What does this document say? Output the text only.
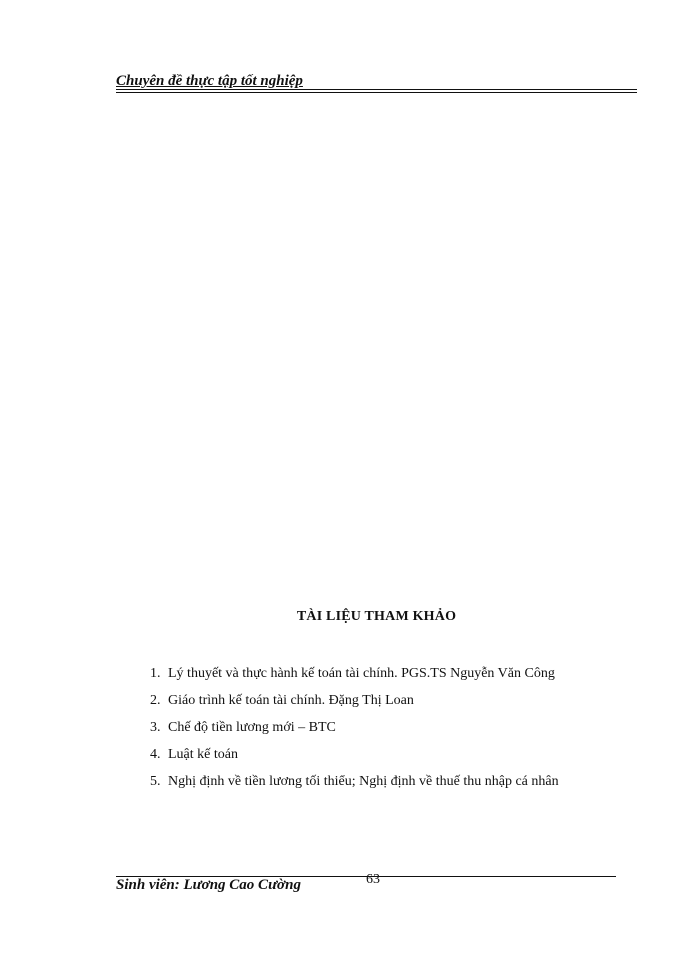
Chuyên đề thực tập tốt nghiệp
TÀI LIỆU THAM KHẢO
1. Lý thuyết và thực hành kế toán tài chính. PGS.TS Nguyễn Văn Công
2. Giáo trình kế toán tài chính. Đặng Thị Loan
3. Chế độ tiền lương mới – BTC
4. Luật kế toán
5. Nghị định về tiền lương tối thiểu; Nghị định về thuế thu nhập cá nhân
Sinh viên: Lương Cao Cường	63
